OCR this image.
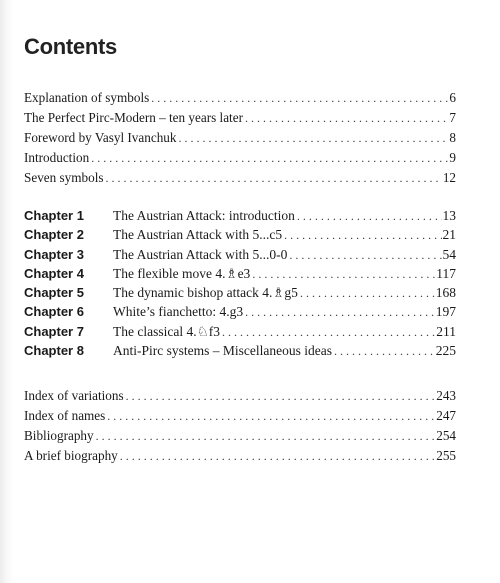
Contents
Explanation of symbols . . .	6
The Perfect Pirc-Modern – ten years later . . .	7
Foreword by Vasyl Ivanchuk . . .	8
Introduction . . .	9
Seven symbols . . .	12
Chapter 1	The Austrian Attack: introduction . . .	13
Chapter 2	The Austrian Attack with 5...c5 . . .	21
Chapter 3	The Austrian Attack with 5...0-0 . . .	54
Chapter 4	The flexible move 4.♗e3 . . .	117
Chapter 5	The dynamic bishop attack 4.♗g5 . . .	168
Chapter 6	White’s fianchetto: 4.g3 . . .	197
Chapter 7	The classical 4.♘f3 . . .	211
Chapter 8	Anti-Pirc systems – Miscellaneous ideas . . .	225
Index of variations . . .	243
Index of names . . .	247
Bibliography . . .	254
A brief biography . . .	255
